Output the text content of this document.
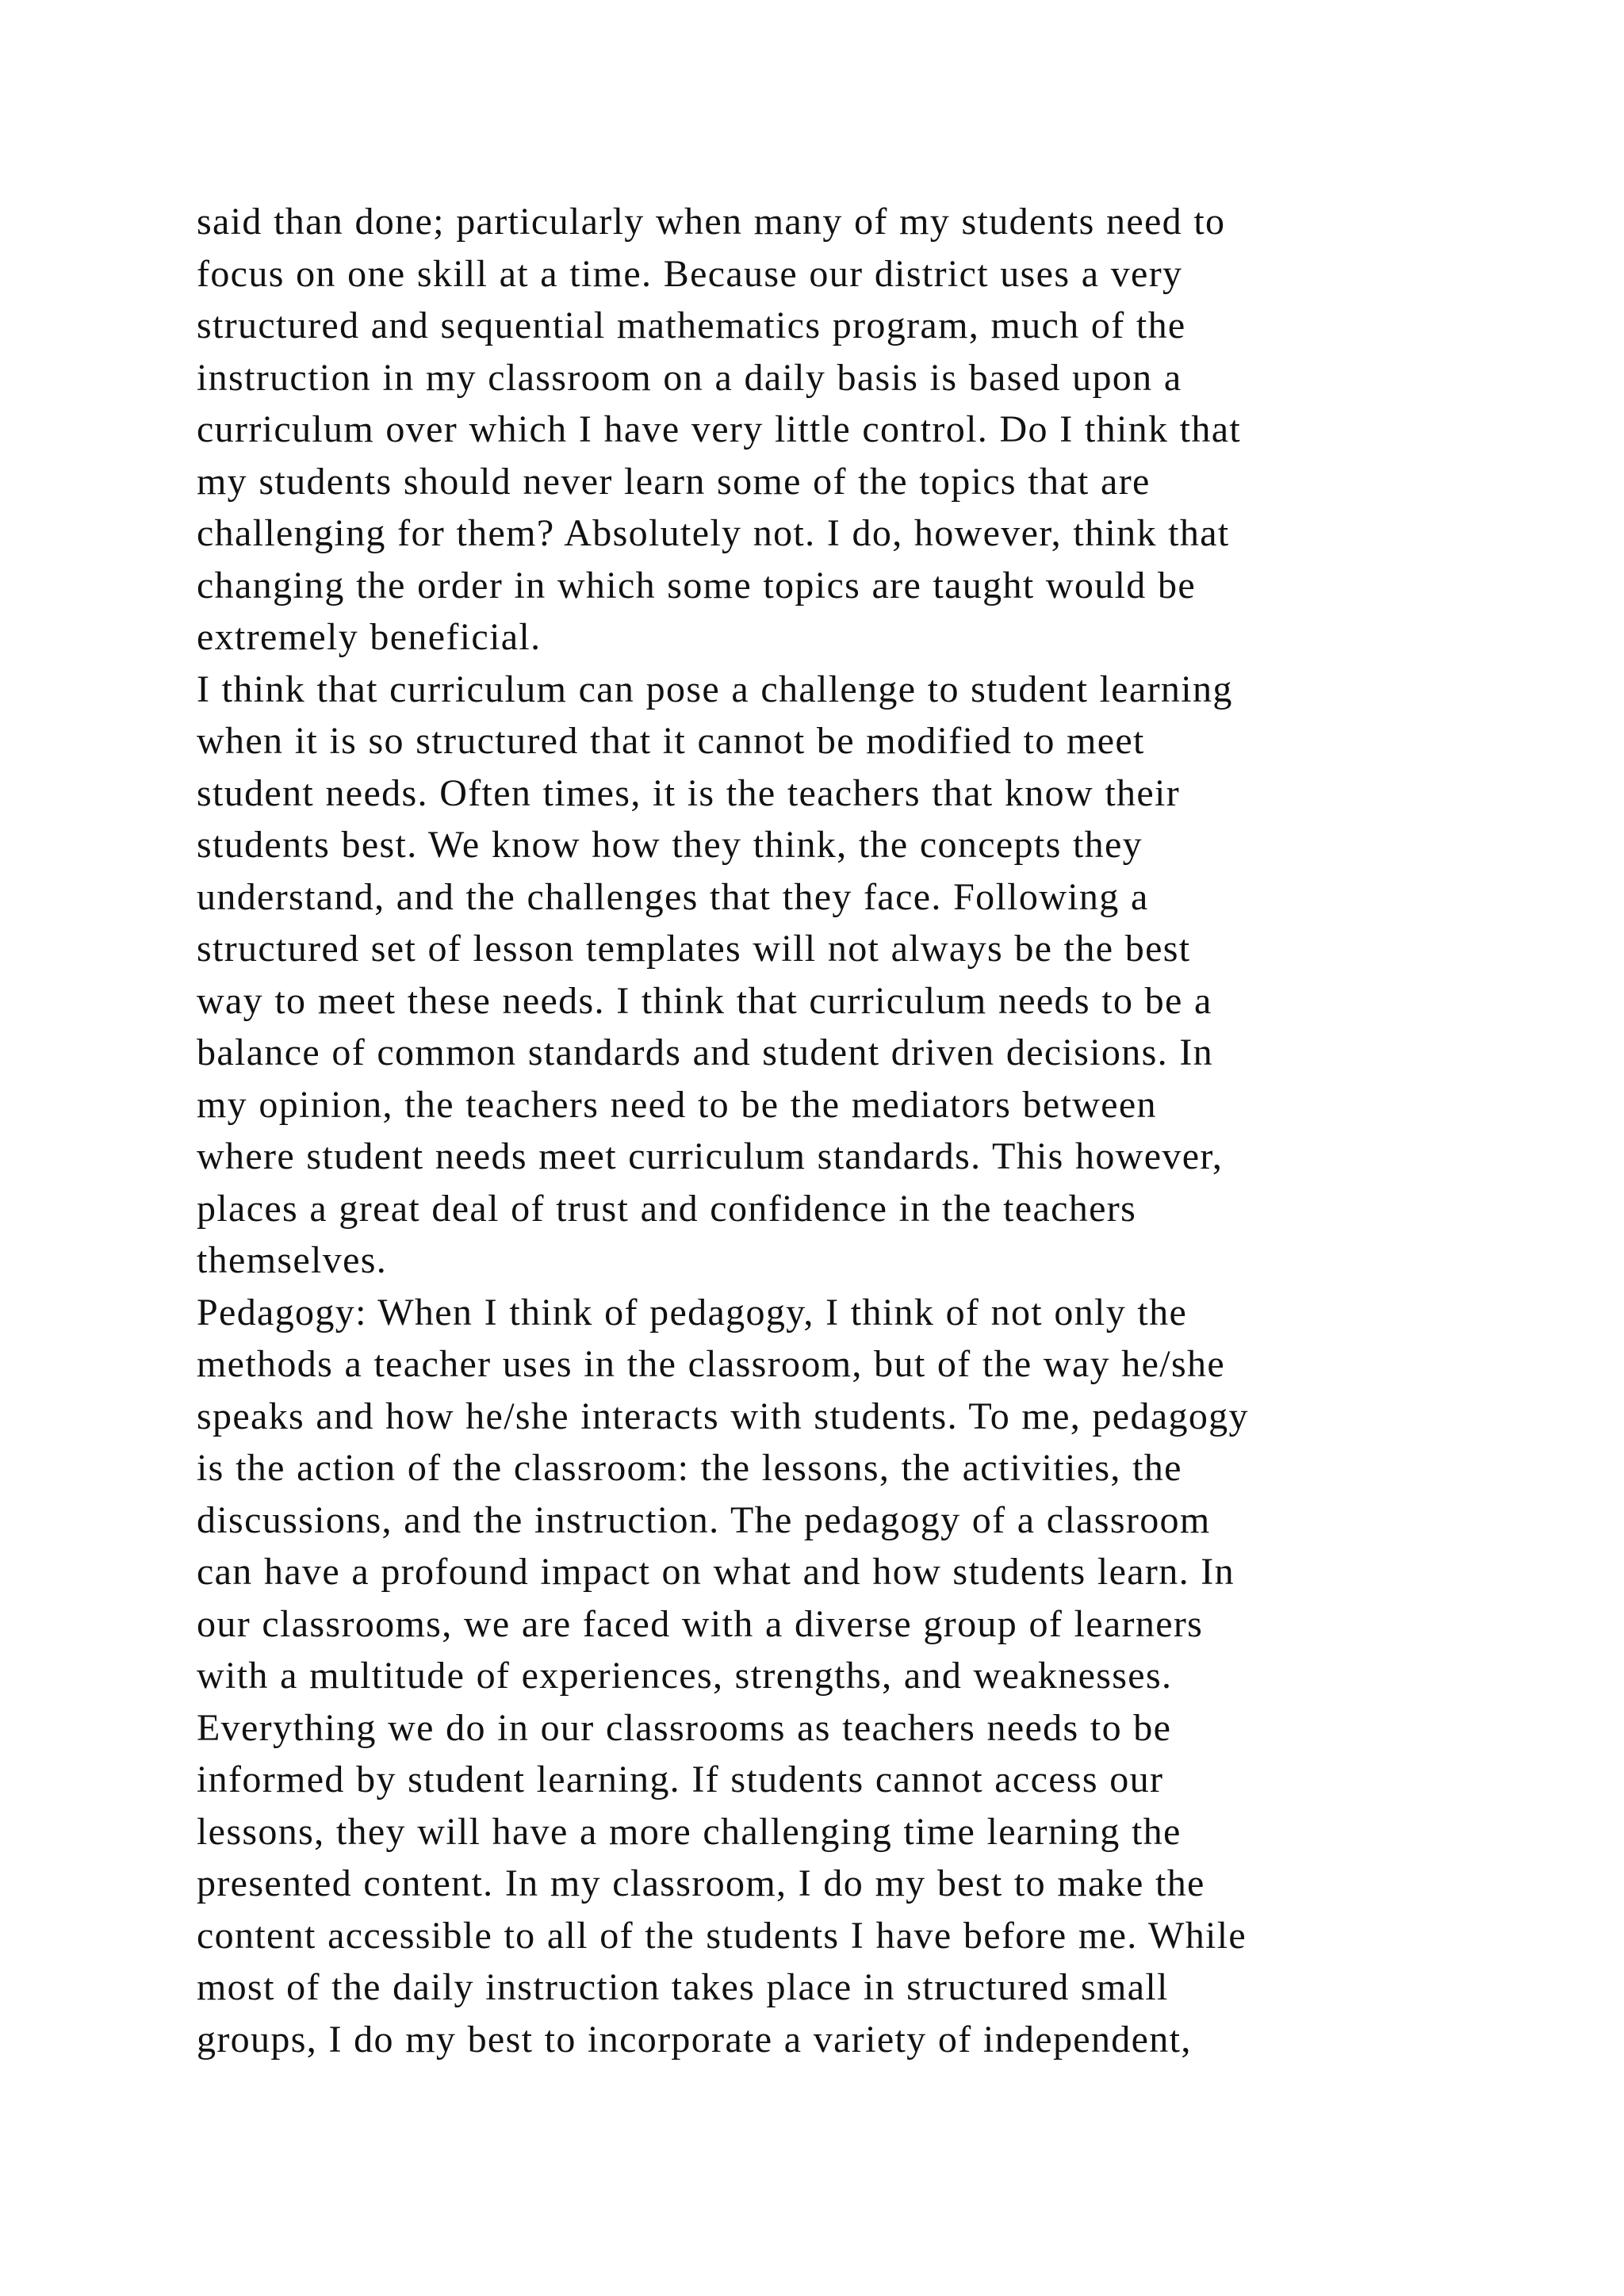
said than done; particularly when many of my students need to
focus on one skill at a time. Because our district uses a very
structured and sequential mathematics program, much of the
instruction in my classroom on a daily basis is based upon a
curriculum over which I have very little control. Do I think that
my students should never learn some of the topics that are
challenging for them? Absolutely not. I do, however, think that
changing the order in which some topics are taught would be
extremely beneficial.
I think that curriculum can pose a challenge to student learning
when it is so structured that it cannot be modified to meet
student needs. Often times, it is the teachers that know their
students best. We know how they think, the concepts they
understand, and the challenges that they face. Following a
structured set of lesson templates will not always be the best
way to meet these needs. I think that curriculum needs to be a
balance of common standards and student driven decisions. In
my opinion, the teachers need to be the mediators between
where student needs meet curriculum standards. This however,
places a great deal of trust and confidence in the teachers
themselves.
Pedagogy: When I think of pedagogy, I think of not only the
methods a teacher uses in the classroom, but of the way he/she
speaks and how he/she interacts with students. To me, pedagogy
is the action of the classroom: the lessons, the activities, the
discussions, and the instruction. The pedagogy of a classroom
can have a profound impact on what and how students learn. In
our classrooms, we are faced with a diverse group of learners
with a multitude of experiences, strengths, and weaknesses.
Everything we do in our classrooms as teachers needs to be
informed by student learning. If students cannot access our
lessons, they will have a more challenging time learning the
presented content. In my classroom, I do my best to make the
content accessible to all of the students I have before me. While
most of the daily instruction takes place in structured small
groups, I do my best to incorporate a variety of independent,
